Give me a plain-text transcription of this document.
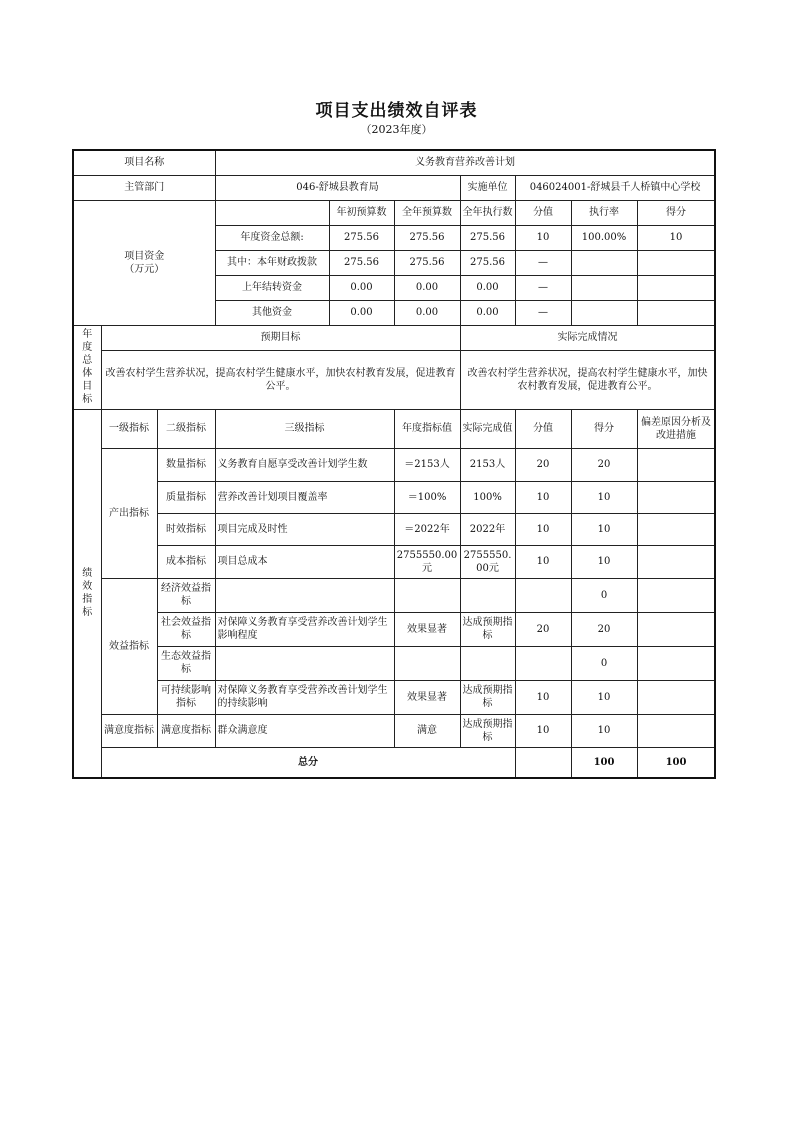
项目支出绩效自评表
（2023年度）
项目名称			义务教育营养改善计划							
主管部门			046-舒城县教育局			实施单位	046024001-舒城县千人桥镇中心学校			
项目资金
（万元）				年初预算数	全年预算数	全年执行数	分值	执行率	得分	
			年度资金总额:	275.56	275.56	275.56	10	100.00%	10	
			其中：本年财政拨款	275.56	275.56	275.56	—			
			上年结转资金	0.00	0.00	0.00	—			
			其他资金	0.00	0.00	0.00	—			
年度总体目标	预期目标					实际完成情况				
	改善农村学生营养状况，提高农村学生健康水平，加快农村教育发展，促进教育公平。					改善农村学生营养状况，提高农村学生健康水平，加快农村教育发展，促进教育公平。				
绩效指标	一级指标	二级指标	三级指标		年度指标值	实际完成值	分值	得分	偏差原因分析及改进措施	
	产出指标	数量指标	义务教育自愿享受改善计划学生数		＝2153人	2153人	20	20		
		质量指标	营养改善计划项目覆盖率		＝100%	100%	10	10		
		时效指标	项目完成及时性		＝2022年	2022年	10	10		
		成本指标	项目总成本		2755550.00元	2755550.00元	10	10		
	效益指标	经济效益指标						0		
		社会效益指标	对保障义务教育享受营养改善计划学生影响程度		效果显著	达成预期指标	20	20		
		生态效益指标						0		
		可持续影响指标	对保障义务教育享受营养改善计划学生的持续影响		效果显著	达成预期指标	10	10		
	满意度指标	满意度指标	群众满意度		满意	达成预期指标	10	10		
	总分							100	100	
